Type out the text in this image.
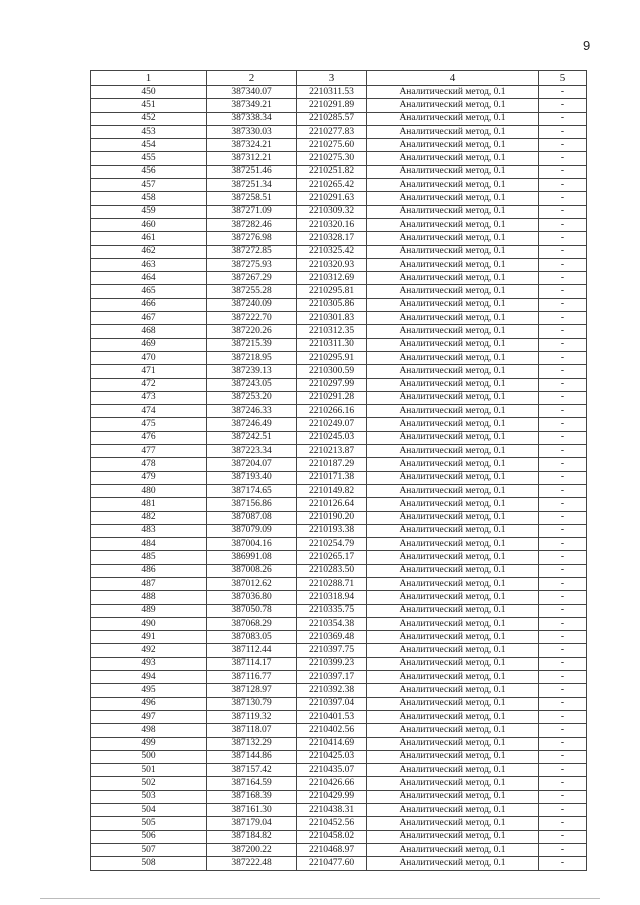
9
1	2	3	4	5
450	387340.07	2210311.53	Аналитический метод, 0.1	-
451	387349.21	2210291.89	Аналитический метод, 0.1	-
452	387338.34	2210285.57	Аналитический метод, 0.1	-
453	387330.03	2210277.83	Аналитический метод, 0.1	-
454	387324.21	2210275.60	Аналитический метод, 0.1	-
455	387312.21	2210275.30	Аналитический метод, 0.1	-
456	387251.46	2210251.82	Аналитический метод, 0.1	-
457	387251.34	2210265.42	Аналитический метод, 0.1	-
458	387258.51	2210291.63	Аналитический метод, 0.1	-
459	387271.09	2210309.32	Аналитический метод, 0.1	-
460	387282.46	2210320.16	Аналитический метод, 0.1	-
461	387276.98	2210328.17	Аналитический метод, 0.1	-
462	387272.85	2210325.42	Аналитический метод, 0.1	-
463	387275.93	2210320.93	Аналитический метод, 0.1	-
464	387267.29	2210312.69	Аналитический метод, 0.1	-
465	387255.28	2210295.81	Аналитический метод, 0.1	-
466	387240.09	2210305.86	Аналитический метод, 0.1	-
467	387222.70	2210301.83	Аналитический метод, 0.1	-
468	387220.26	2210312.35	Аналитический метод, 0.1	-
469	387215.39	2210311.30	Аналитический метод, 0.1	-
470	387218.95	2210295.91	Аналитический метод, 0.1	-
471	387239.13	2210300.59	Аналитический метод, 0.1	-
472	387243.05	2210297.99	Аналитический метод, 0.1	-
473	387253.20	2210291.28	Аналитический метод, 0.1	-
474	387246.33	2210266.16	Аналитический метод, 0.1	-
475	387246.49	2210249.07	Аналитический метод, 0.1	-
476	387242.51	2210245.03	Аналитический метод, 0.1	-
477	387223.34	2210213.87	Аналитический метод, 0.1	-
478	387204.07	2210187.29	Аналитический метод, 0.1	-
479	387193.40	2210171.38	Аналитический метод, 0.1	-
480	387174.65	2210149.82	Аналитический метод, 0.1	-
481	387156.86	2210126.64	Аналитический метод, 0.1	-
482	387087.08	2210190.20	Аналитический метод, 0.1	-
483	387079.09	2210193.38	Аналитический метод, 0.1	-
484	387004.16	2210254.79	Аналитический метод, 0.1	-
485	386991.08	2210265.17	Аналитический метод, 0.1	-
486	387008.26	2210283.50	Аналитический метод, 0.1	-
487	387012.62	2210288.71	Аналитический метод, 0.1	-
488	387036.80	2210318.94	Аналитический метод, 0.1	-
489	387050.78	2210335.75	Аналитический метод, 0.1	-
490	387068.29	2210354.38	Аналитический метод, 0.1	-
491	387083.05	2210369.48	Аналитический метод, 0.1	-
492	387112.44	2210397.75	Аналитический метод, 0.1	-
493	387114.17	2210399.23	Аналитический метод, 0.1	-
494	387116.77	2210397.17	Аналитический метод, 0.1	-
495	387128.97	2210392.38	Аналитический метод, 0.1	-
496	387130.79	2210397.04	Аналитический метод, 0.1	-
497	387119.32	2210401.53	Аналитический метод, 0.1	-
498	387118.07	2210402.56	Аналитический метод, 0.1	-
499	387132.29	2210414.69	Аналитический метод, 0.1	-
500	387144.86	2210425.03	Аналитический метод, 0.1	-
501	387157.42	2210435.07	Аналитический метод, 0.1	-
502	387164.59	2210426.66	Аналитический метод, 0.1	-
503	387168.39	2210429.99	Аналитический метод, 0.1	-
504	387161.30	2210438.31	Аналитический метод, 0.1	-
505	387179.04	2210452.56	Аналитический метод, 0.1	-
506	387184.82	2210458.02	Аналитический метод, 0.1	-
507	387200.22	2210468.97	Аналитический метод, 0.1	-
508	387222.48	2210477.60	Аналитический метод, 0.1	-
